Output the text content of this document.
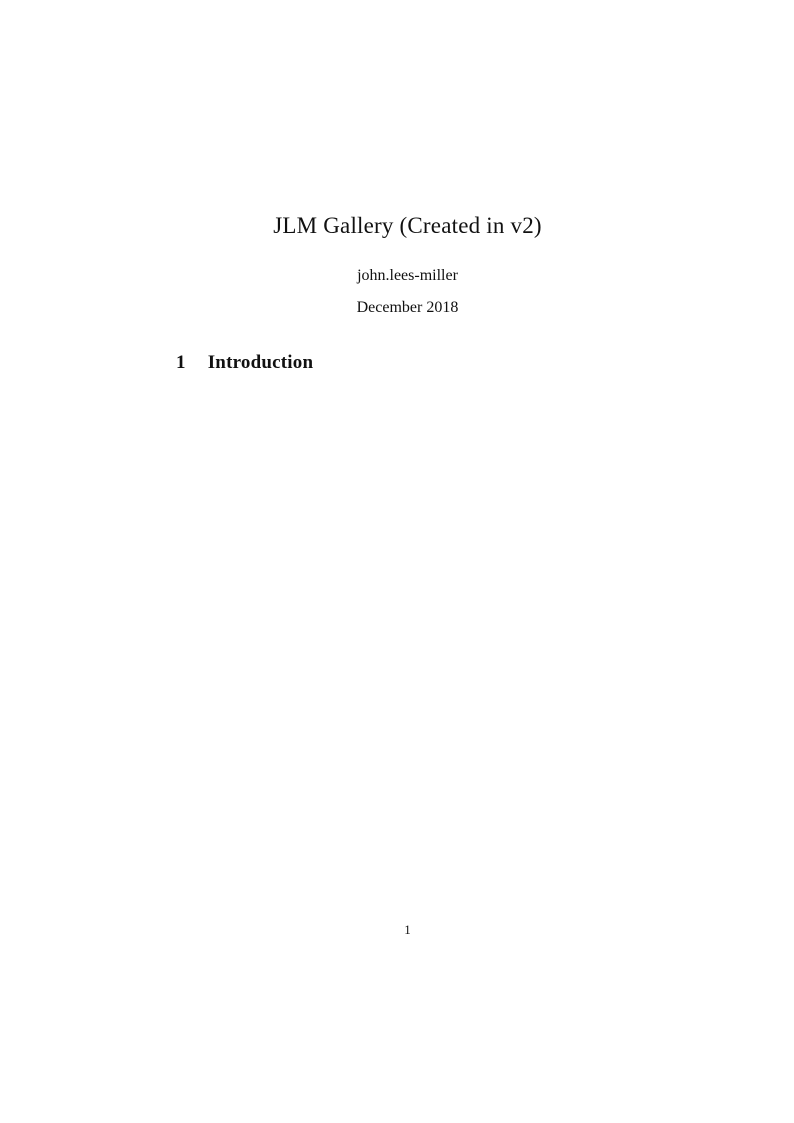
JLM Gallery (Created in v2)
john.lees-miller
December 2018
1 Introduction
1
